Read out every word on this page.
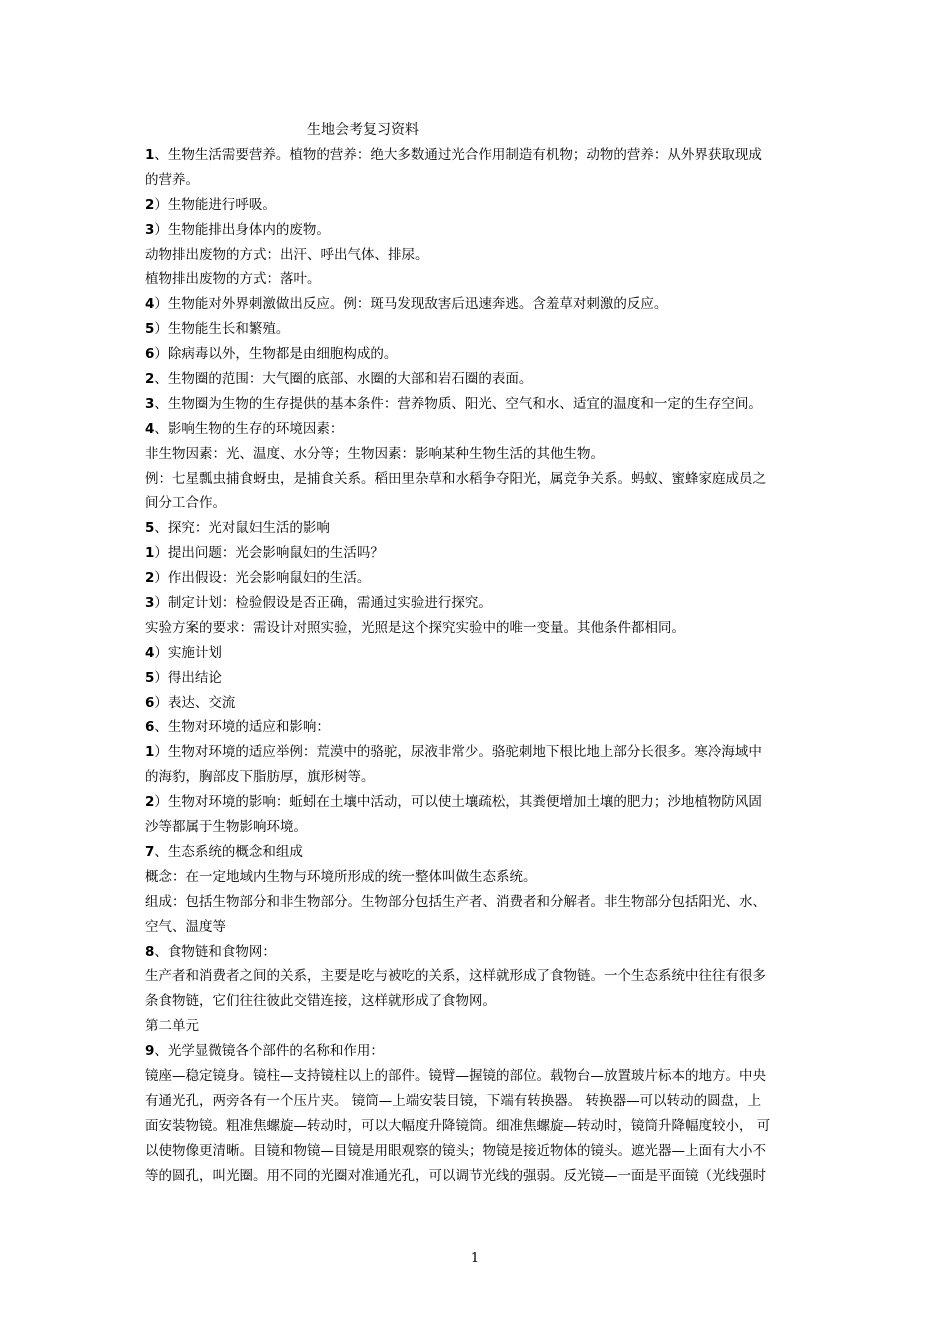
生地会考复习资料
1、生物生活需要营养。植物的营养：绝大多数通过光合作用制造有机物；动物的营养：从外界获取现成
的营养。
2）生物能进行呼吸。
3）生物能排出身体内的废物。
动物排出废物的方式：出汗、呼出气体、排尿。
植物排出废物的方式：落叶。
4）生物能对外界刺激做出反应。例：斑马发现敌害后迅速奔逃。含羞草对刺激的反应。
5）生物能生长和繁殖。
6）除病毒以外，生物都是由细胞构成的。
2、生物圈的范围：大气圈的底部、水圈的大部和岩石圈的表面。
3、生物圈为生物的生存提供的基本条件：营养物质、阳光、空气和水、适宜的温度和一定的生存空间。
4、影响生物的生存的环境因素：
非生物因素：光、温度、水分等；生物因素：影响某种生物生活的其他生物。
例：七星瓢虫捕食蚜虫，是捕食关系。稻田里杂草和水稻争夺阳光，属竞争关系。蚂蚁、蜜蜂家庭成员之
间分工合作。
5、探究：光对鼠妇生活的影响
1）提出问题：光会影响鼠妇的生活吗？
2）作出假设：光会影响鼠妇的生活。
3）制定计划：检验假设是否正确，需通过实验进行探究。
实验方案的要求：需设计对照实验，光照是这个探究实验中的唯一变量。其他条件都相同。
4）实施计划
5）得出结论
6）表达、交流
6、生物对环境的适应和影响：
1）生物对环境的适应举例：荒漠中的骆驼，尿液非常少。骆驼刺地下根比地上部分长很多。寒冷海域中
的海豹，胸部皮下脂肪厚，旗形树等。
2）生物对环境的影响：蚯蚓在土壤中活动，可以使土壤疏松，其粪便增加土壤的肥力；沙地植物防风固
沙等都属于生物影响环境。
7、生态系统的概念和组成
概念：在一定地域内生物与环境所形成的统一整体叫做生态系统。
组成：包括生物部分和非生物部分。生物部分包括生产者、消费者和分解者。非生物部分包括阳光、水、
空气、温度等
8、食物链和食物网：
生产者和消费者之间的关系，主要是吃与被吃的关系，这样就形成了食物链。一个生态系统中往往有很多
条食物链，它们往往彼此交错连接，这样就形成了食物网。
第二单元
9、光学显微镜各个部件的名称和作用：
镜座—稳定镜身。镜柱—支持镜柱以上的部件。镜臂—握镜的部位。载物台—放置玻片标本的地方。中央
有通光孔，两旁各有一个压片夹。 镜筒—上端安装目镜，下端有转换器。 转换器—可以转动的圆盘，上
面安装物镜。粗准焦螺旋—转动时，可以大幅度升降镜筒。细准焦螺旋—转动时，镜筒升降幅度较小， 可
以使物像更清晰。目镜和物镜—目镜是用眼观察的镜头；物镜是接近物体的镜头。遮光器—上面有大小不
等的圆孔，叫光圈。用不同的光圈对准通光孔，可以调节光线的强弱。反光镜—一面是平面镜（光线强时
1
